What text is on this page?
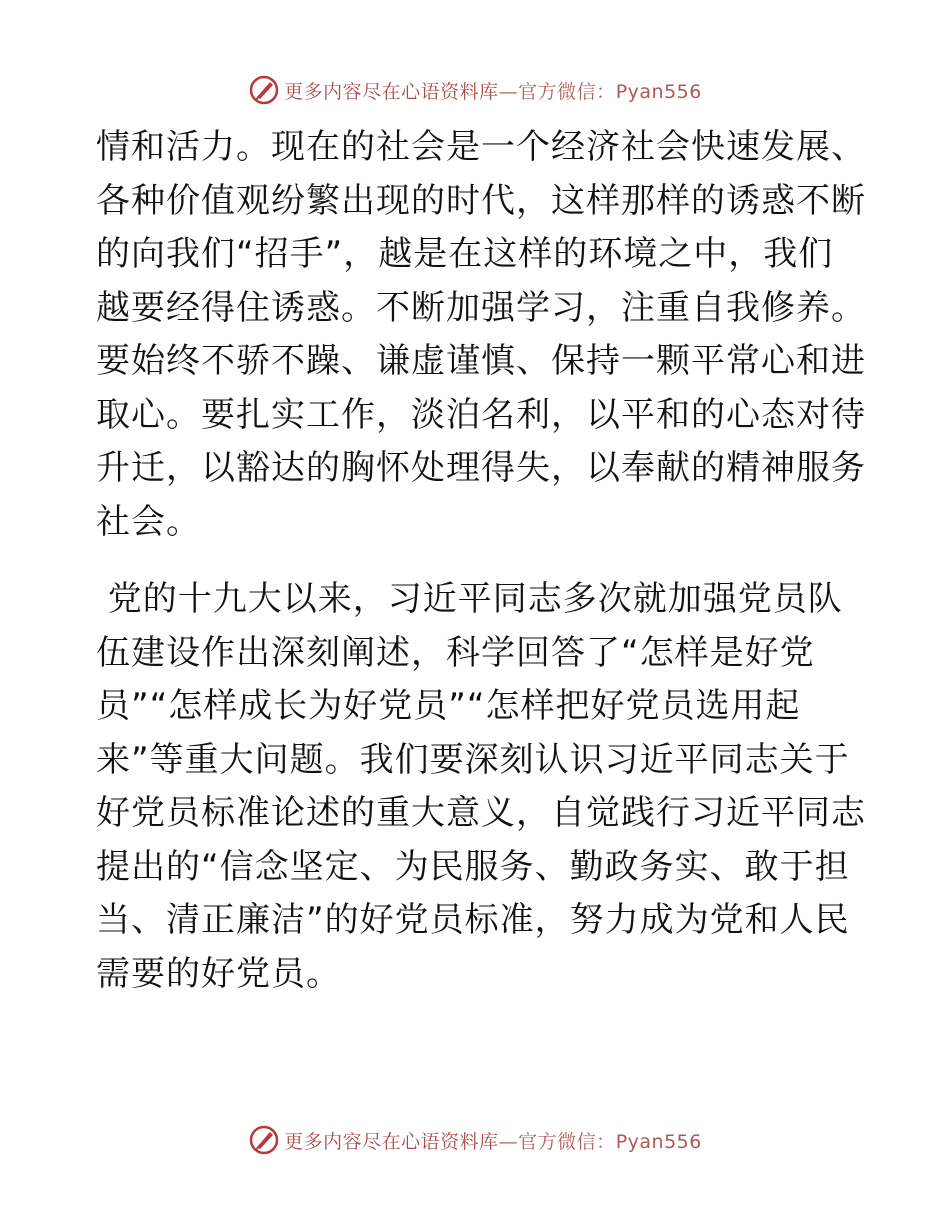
更多内容尽在心语资料库—官方微信：Pyan556
情和活力。现在的社会是一个经济社会快速发展、
各种价值观纷繁出现的时代，这样那样的诱惑不断
的向我们“招手”，越是在这样的环境之中，我们
越要经得住诱惑。不断加强学习，注重自我修养。
要始终不骄不躁、谦虚谨慎、保持一颗平常心和进
取心。要扎实工作，淡泊名利，以平和的心态对待
升迁，以豁达的胸怀处理得失，以奉献的精神服务
社会。
党的十九大以来，习近平同志多次就加强党员队
伍建设作出深刻阐述，科学回答了“怎样是好党
员”“怎样成长为好党员”“怎样把好党员选用起
来”等重大问题。我们要深刻认识习近平同志关于
好党员标准论述的重大意义，自觉践行习近平同志
提出的“信念坚定、为民服务、勤政务实、敢于担
当、清正廉洁”的好党员标准，努力成为党和人民
需要的好党员。
更多内容尽在心语资料库—官方微信：Pyan556
